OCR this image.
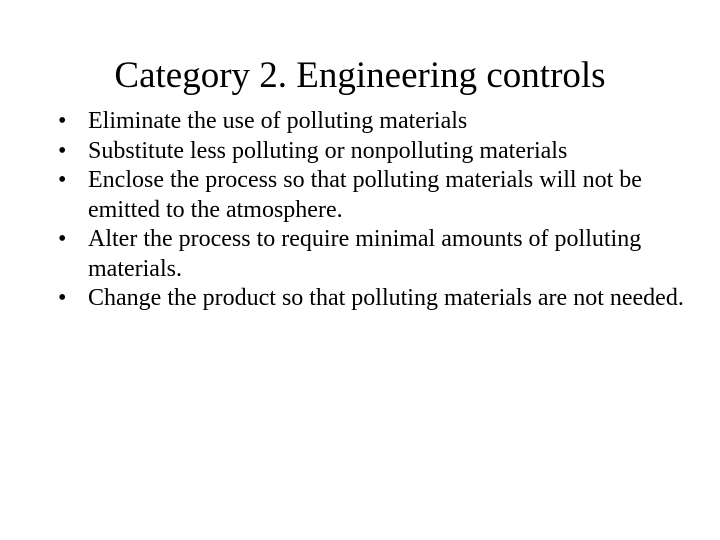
Category 2. Engineering controls
• Eliminate the use of polluting materials
• Substitute less polluting or nonpolluting materials
• Enclose the process so that polluting materials will not be emitted to the atmosphere.
• Alter the process to require minimal amounts of polluting materials.
• Change the product so that polluting materials are not needed.
